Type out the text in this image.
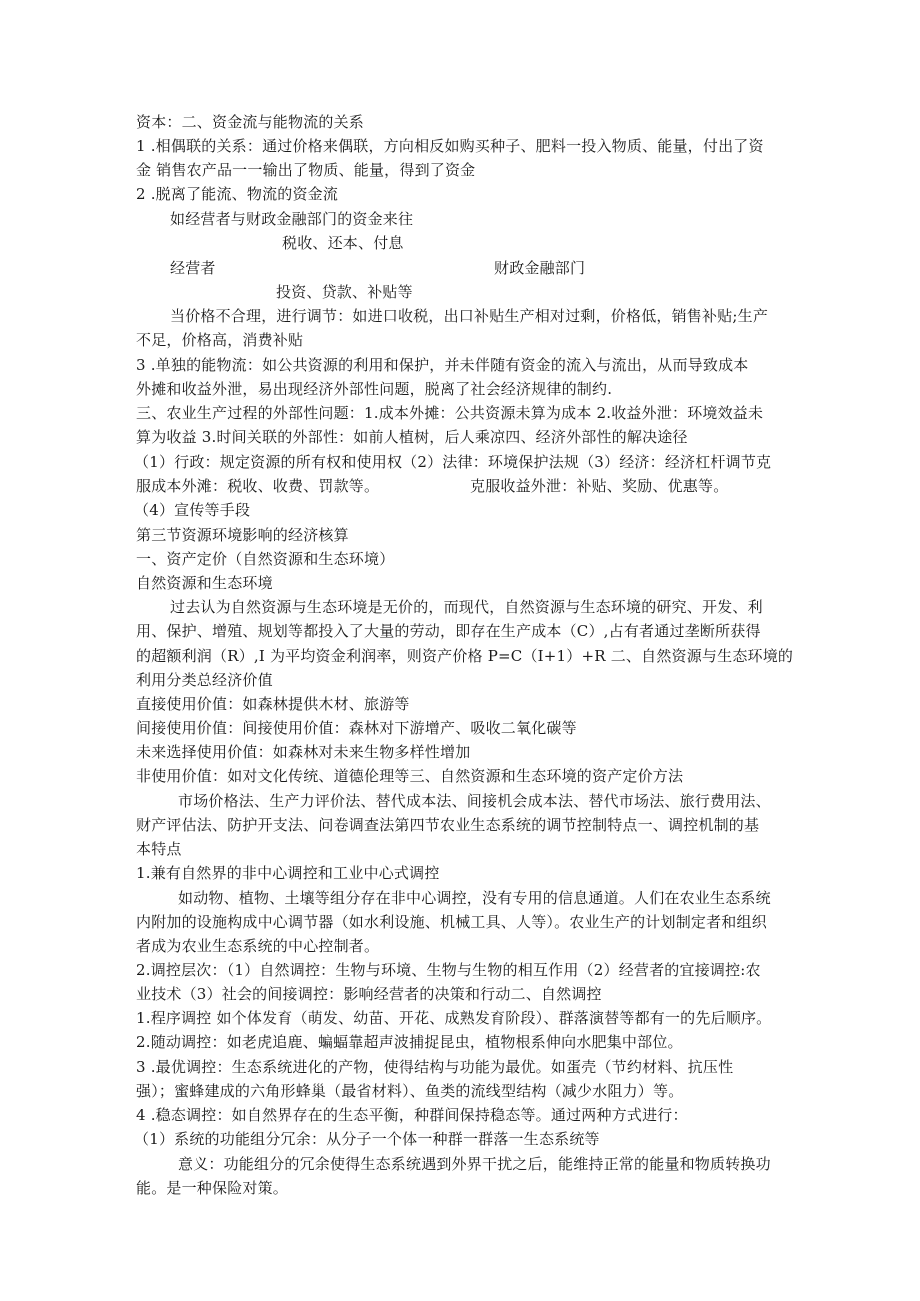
资本：二、资金流与能物流的关系
1 .相偶联的关系：通过价格来偶联，方向相反如购买种子、肥料一投入物质、能量，付出了资
金 销售农产品一一输出了物质、能量，得到了资金
2 .脱离了能流、物流的资金流
如经营者与财政金融部门的资金来往
税收、还本、付息
经营者	财政金融部门
投资、贷款、补贴等
当价格不合理，进行调节：如进口收税，出口补贴生产相对过剩，价格低，销售补贴;生产
不足，价格高，消费补贴
3 .单独的能物流：如公共资源的利用和保护，并未伴随有资金的流入与流出，从而导致成本
外摊和收益外泄，易出现经济外部性问题，脱离了社会经济规律的制约.
三、农业生产过程的外部性问题：1.成本外摊：公共资源未算为成本 2.收益外泄：环境效益未
算为收益 3.时间关联的外部性：如前人植树，后人乘凉四、经济外部性的解决途径
（1）行政：规定资源的所有权和使用权（2）法律：环境保护法规（3）经济：经济杠杆调节克
服成本外滩：税收、收费、罚款等。	克服收益外泄：补贴、奖励、优惠等。
（4）宣传等手段
第三节资源环境影响的经济核算
一、资产定价（自然资源和生态环境）
自然资源和生态环境
过去认为自然资源与生态环境是无价的，而现代，自然资源与生态环境的研究、开发、利
用、保护、增殖、规划等都投入了大量的劳动，即存在生产成本（C）,占有者通过垄断所获得
的超额利润（R）,I 为平均资金利润率，则资产价格 P=C（I+1）+R 二、自然资源与生态环境的
利用分类总经济价值
直接使用价值：如森林提供木材、旅游等
间接使用价值：间接使用价值：森林对下游增产、吸收二氧化碳等
未来选择使用价值：如森林对未来生物多样性增加
非使用价值：如对文化传统、道德伦理等三、自然资源和生态环境的资产定价方法
市场价格法、生产力评价法、替代成本法、间接机会成本法、替代市场法、旅行费用法、
财产评估法、防护开支法、问卷调查法第四节农业生态系统的调节控制特点一、调控机制的基
本特点
1.兼有自然界的非中心调控和工业中心式调控
如动物、植物、土壤等组分存在非中心调控，没有专用的信息通道。人们在农业生态系统
内附加的设施构成中心调节器（如水利设施、机械工具、人等）。农业生产的计划制定者和组织
者成为农业生态系统的中心控制者。
2.调控层次：（1）自然调控：生物与环境、生物与生物的相互作用（2）经营者的宜接调控:农
业技术（3）社会的间接调控：影响经营者的决策和行动二、自然调控
1.程序调控 如个体发育（萌发、幼苗、开花、成熟发育阶段）、群落演替等都有一的先后顺序。
2.随动调控：如老虎追鹿、蝙蝠靠超声波捕捉昆虫，植物根系伸向水肥集中部位。
3 .最优调控：生态系统进化的产物，使得结构与功能为最优。如蛋壳（节约材料、抗压性
强）；蜜蜂建成的六角形蜂巢（最省材料）、鱼类的流线型结构（减少水阻力）等。
4 .稳态调控：如自然界存在的生态平衡，种群间保持稳态等。通过两种方式进行：
（1）系统的功能组分冗余：从分子一个体一种群一群落一生态系统等
意义：功能组分的冗余使得生态系统遇到外界干扰之后，能维持正常的能量和物质转换功
能。是一种保险对策。
